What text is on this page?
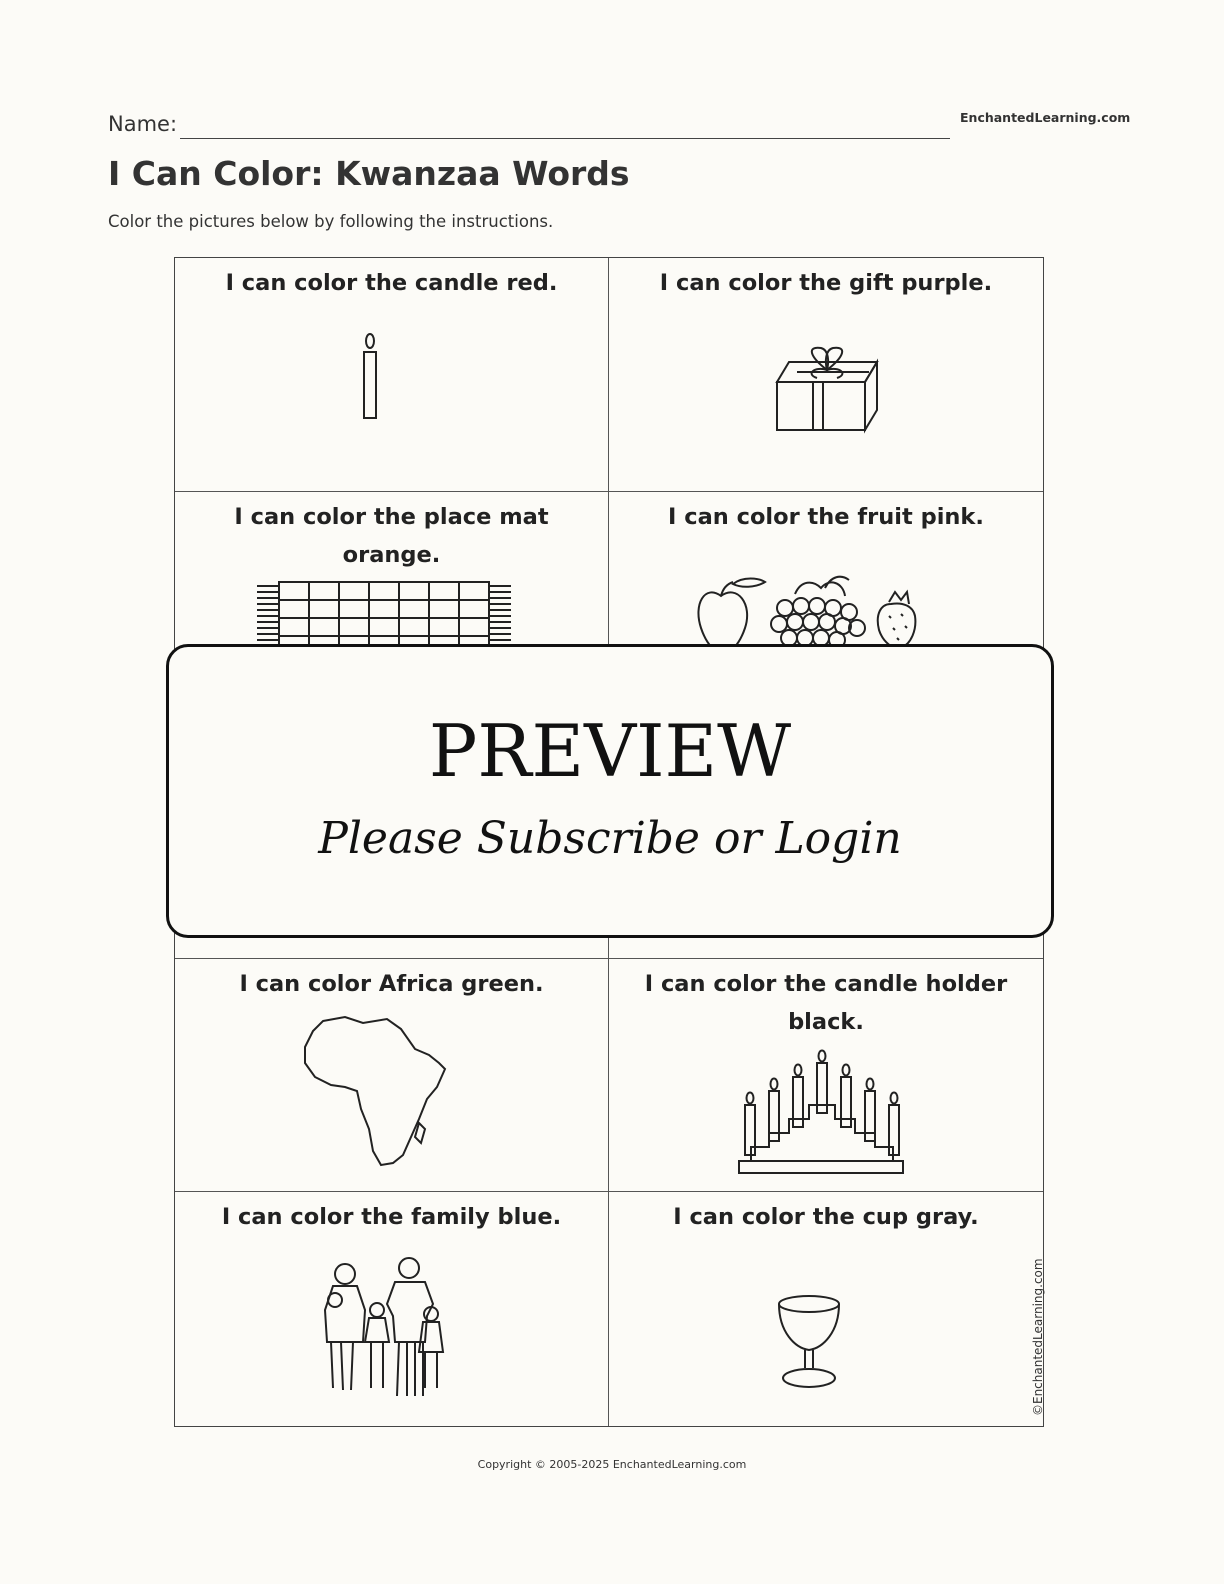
Name:	EnchantedLearning.com
I Can Color: Kwanzaa Words

Color the pictures below by following the instructions.

I can color the candle red.	I can color the gift purple.
I can color the place mat orange.
I can color the fruit pink.
I can color Africa green.	I can color the candle holder black.
I can color the family blue.	I can color the cup gray.
PREVIEW
Please Subscribe or Login
©EnchantedLearning.com
Copyright © 2005-2025 EnchantedLearning.com
